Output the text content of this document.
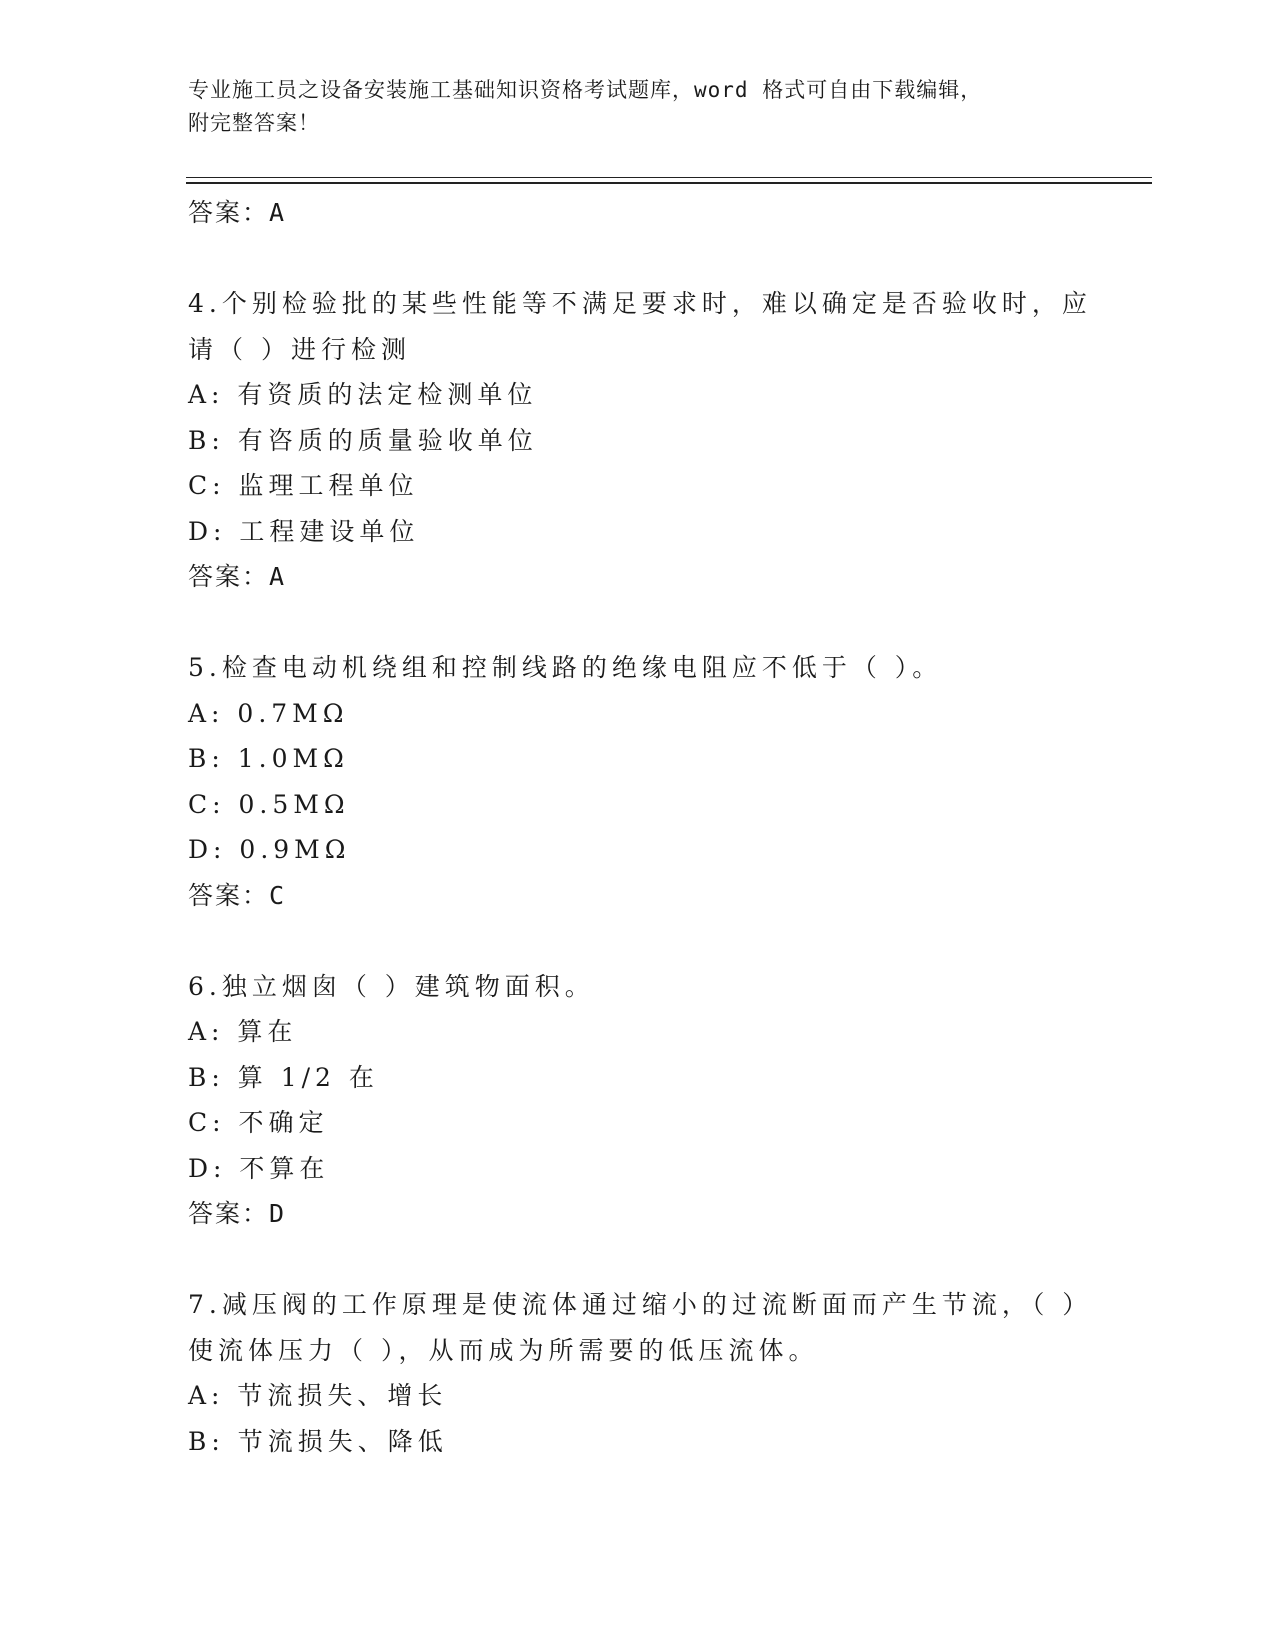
专业施工员之设备安装施工基础知识资格考试题库，word 格式可自由下载编辑，
附完整答案！
答案：A
4.个别检验批的某些性能等不满足要求时，难以确定是否验收时，应
请（ ）进行检测
A: 有资质的法定检测单位
B: 有咨质的质量验收单位
C: 监理工程单位
D: 工程建设单位
答案：A
5.检查电动机绕组和控制线路的绝缘电阻应不低于（ ）。
A: 0.7MΩ
B: 1.0MΩ
C: 0.5MΩ
D: 0.9MΩ
答案：C
6.独立烟囱（ ）建筑物面积。
A: 算在
B: 算 1/2 在
C: 不确定
D: 不算在
答案：D
7.减压阀的工作原理是使流体通过缩小的过流断面而产生节流，（ ）
使流体压力（ ），从而成为所需要的低压流体。
A: 节流损失、增长
B: 节流损失、降低
